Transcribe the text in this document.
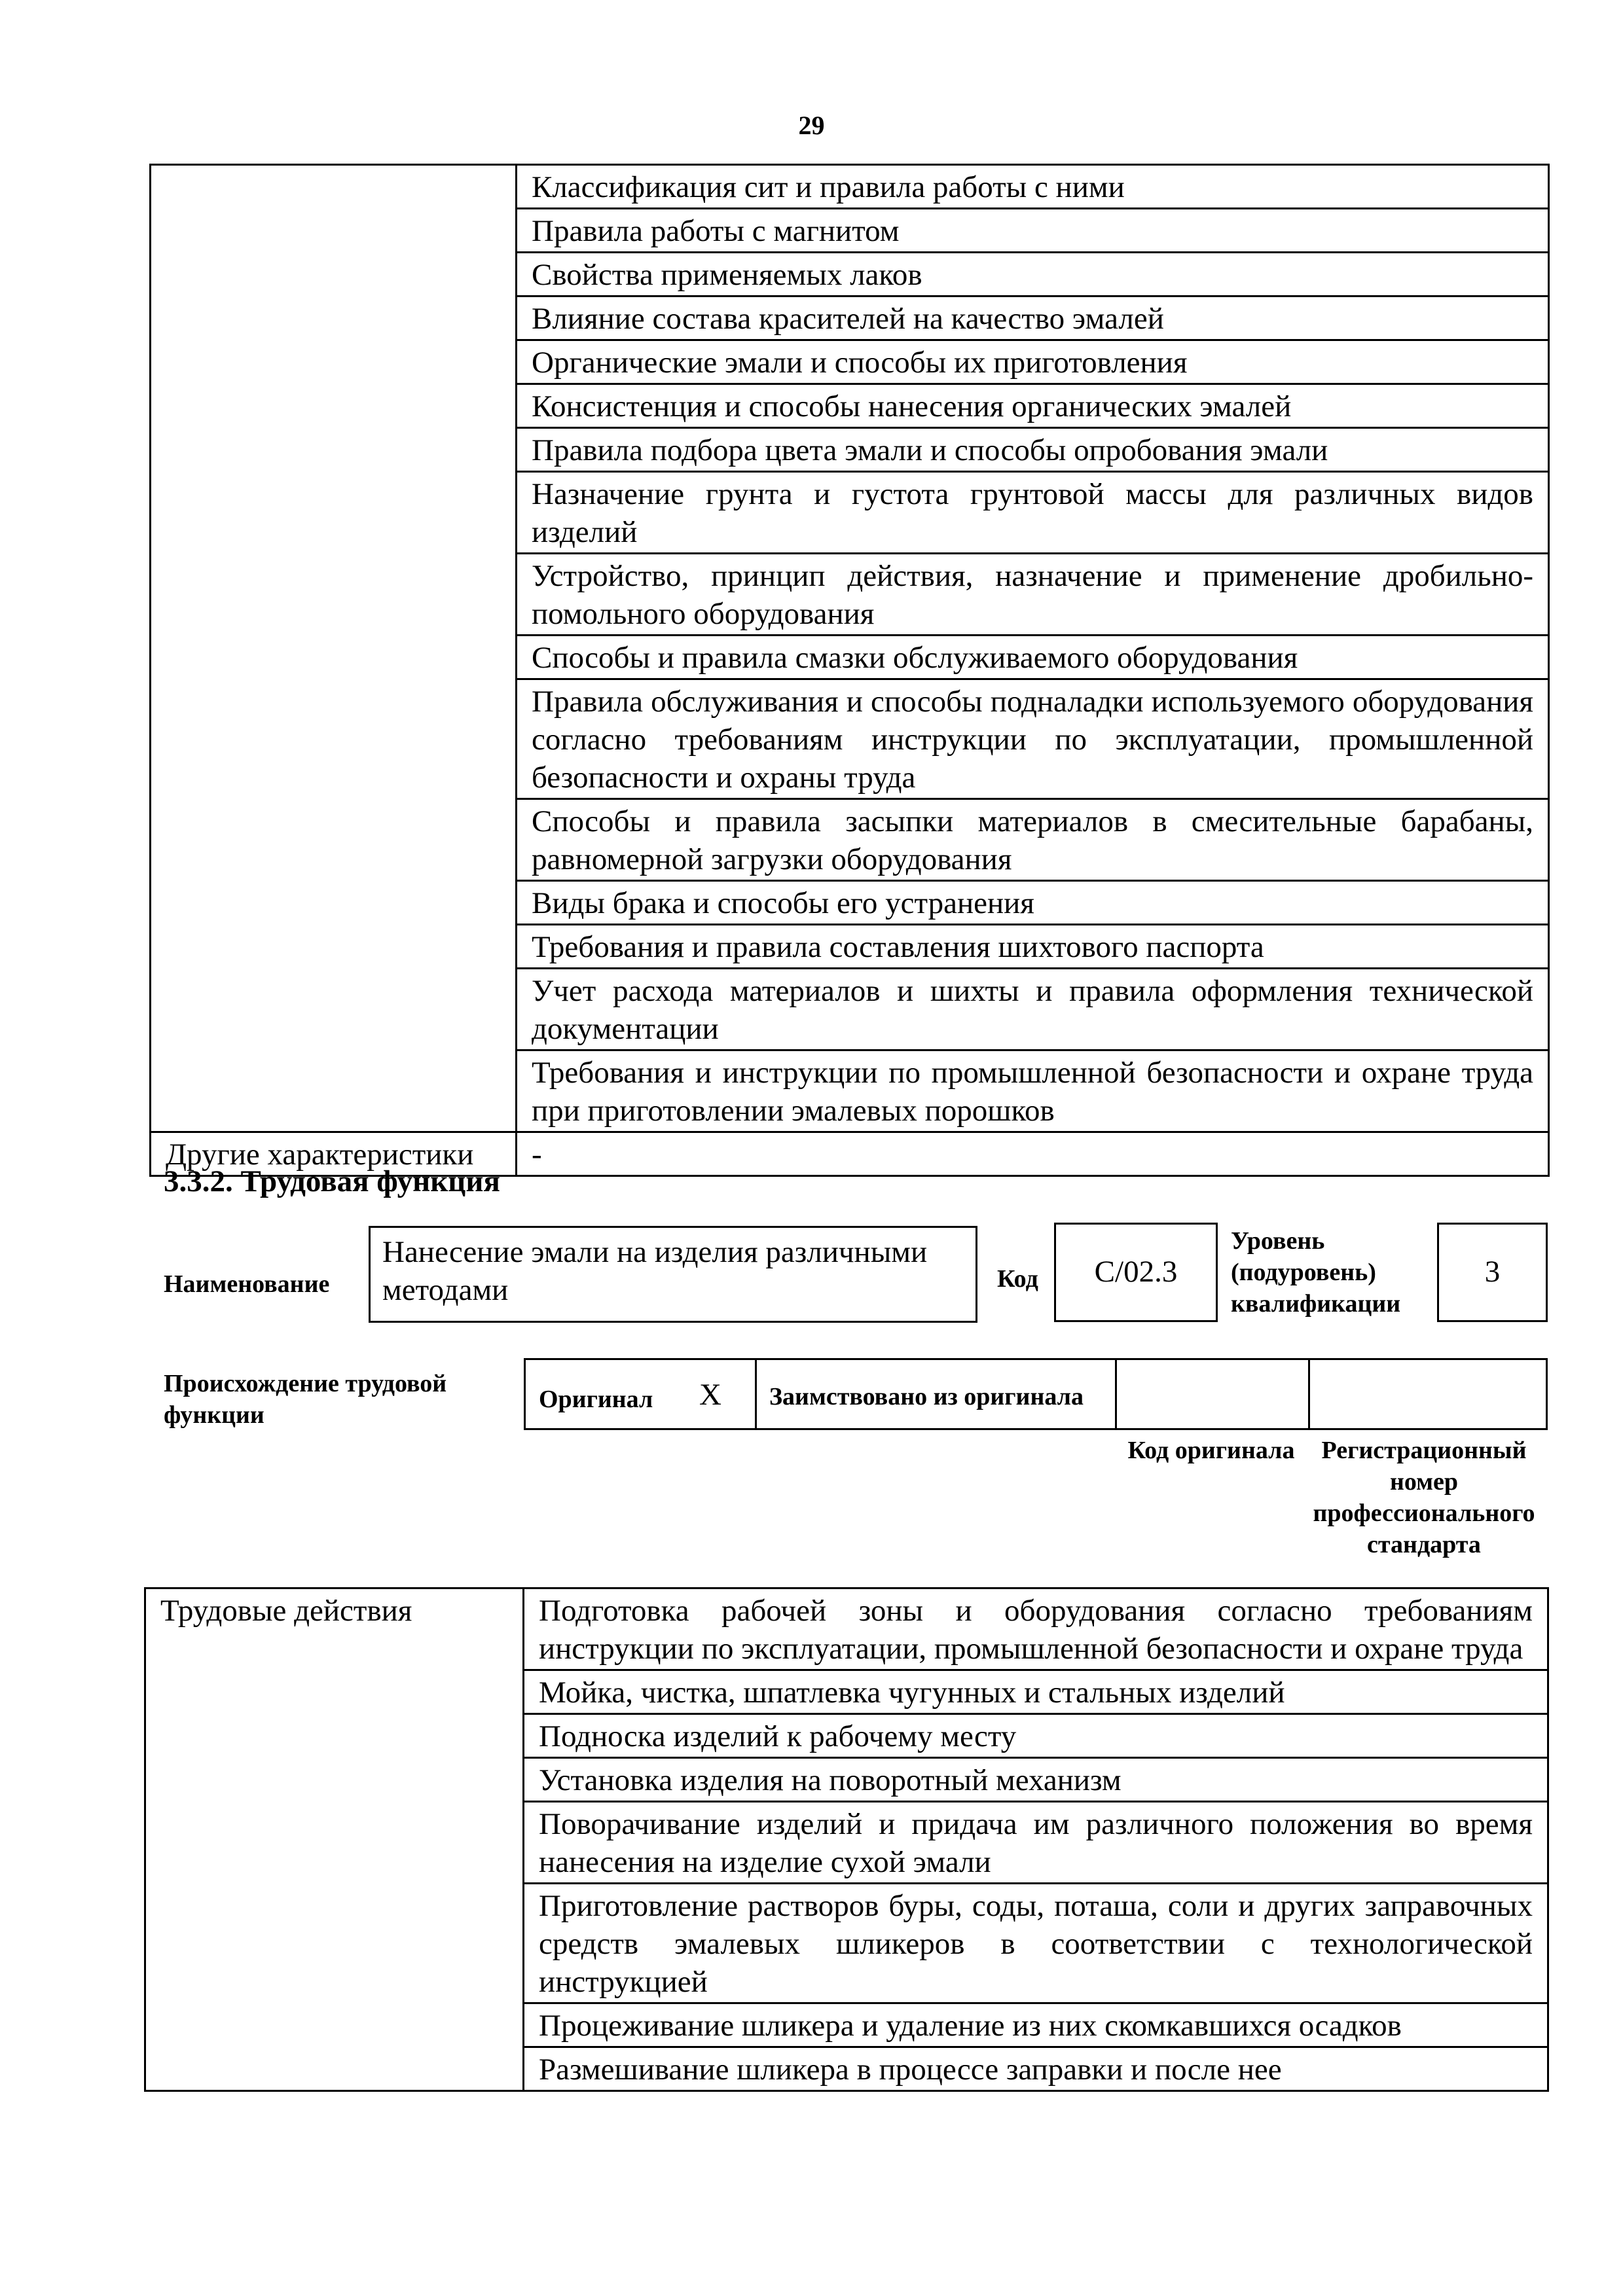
29
	Классификация сит и правила работы с ними
	Правила работы с магнитом
	Свойства применяемых лаков
	Влияние состава красителей на качество эмалей
	Органические эмали и способы их приготовления
	Консистенция и способы нанесения органических эмалей
	Правила подбора цвета эмали и способы опробования эмали
	Назначение грунта и густота грунтовой массы для различных видов изделий
	Устройство, принцип действия, назначение и применение дробильно-помольного оборудования
	Способы и правила смазки обслуживаемого оборудования
	Правила обслуживания и способы подналадки используемого оборудования согласно требованиям инструкции по эксплуатации, промышленной безопасности и охраны труда
	Способы и правила засыпки материалов в смесительные барабаны, равномерной загрузки оборудования
	Виды брака и способы его устранения
	Требования и правила составления шихтового паспорта
	Учет расхода материалов и шихты и правила оформления технической документации
	Требования и инструкции по промышленной безопасности и охране труда при приготовлении эмалевых порошков
Другие характеристики	-
3.3.2. Трудовая функция
Наименование
Нанесение эмали на изделия различными методами	Код	C/02.3
Уровень (подуровень) квалификации
3
Происхождение трудовой функции
Оригинал X Заимствовано из оригинала
Код оригинала	Регистрационный номер профессионального стандарта
Трудовые действия	Подготовка рабочей зоны и оборудования согласно требованиям инструкции по эксплуатации, промышленной безопасности и охране труда
Мойка, чистка, шпатлевка чугунных и стальных изделий
Подноска изделий к рабочему месту
Установка изделия на поворотный механизм
Поворачивание изделий и придача им различного положения во время нанесения на изделие сухой эмали
Приготовление растворов буры, соды, поташа, соли и других заправочных средств эмалевых шликеров в соответствии с технологической инструкцией
Процеживание шликера и удаление из них скомкавшихся осадков
Размешивание шликера в процессе заправки и после нее
